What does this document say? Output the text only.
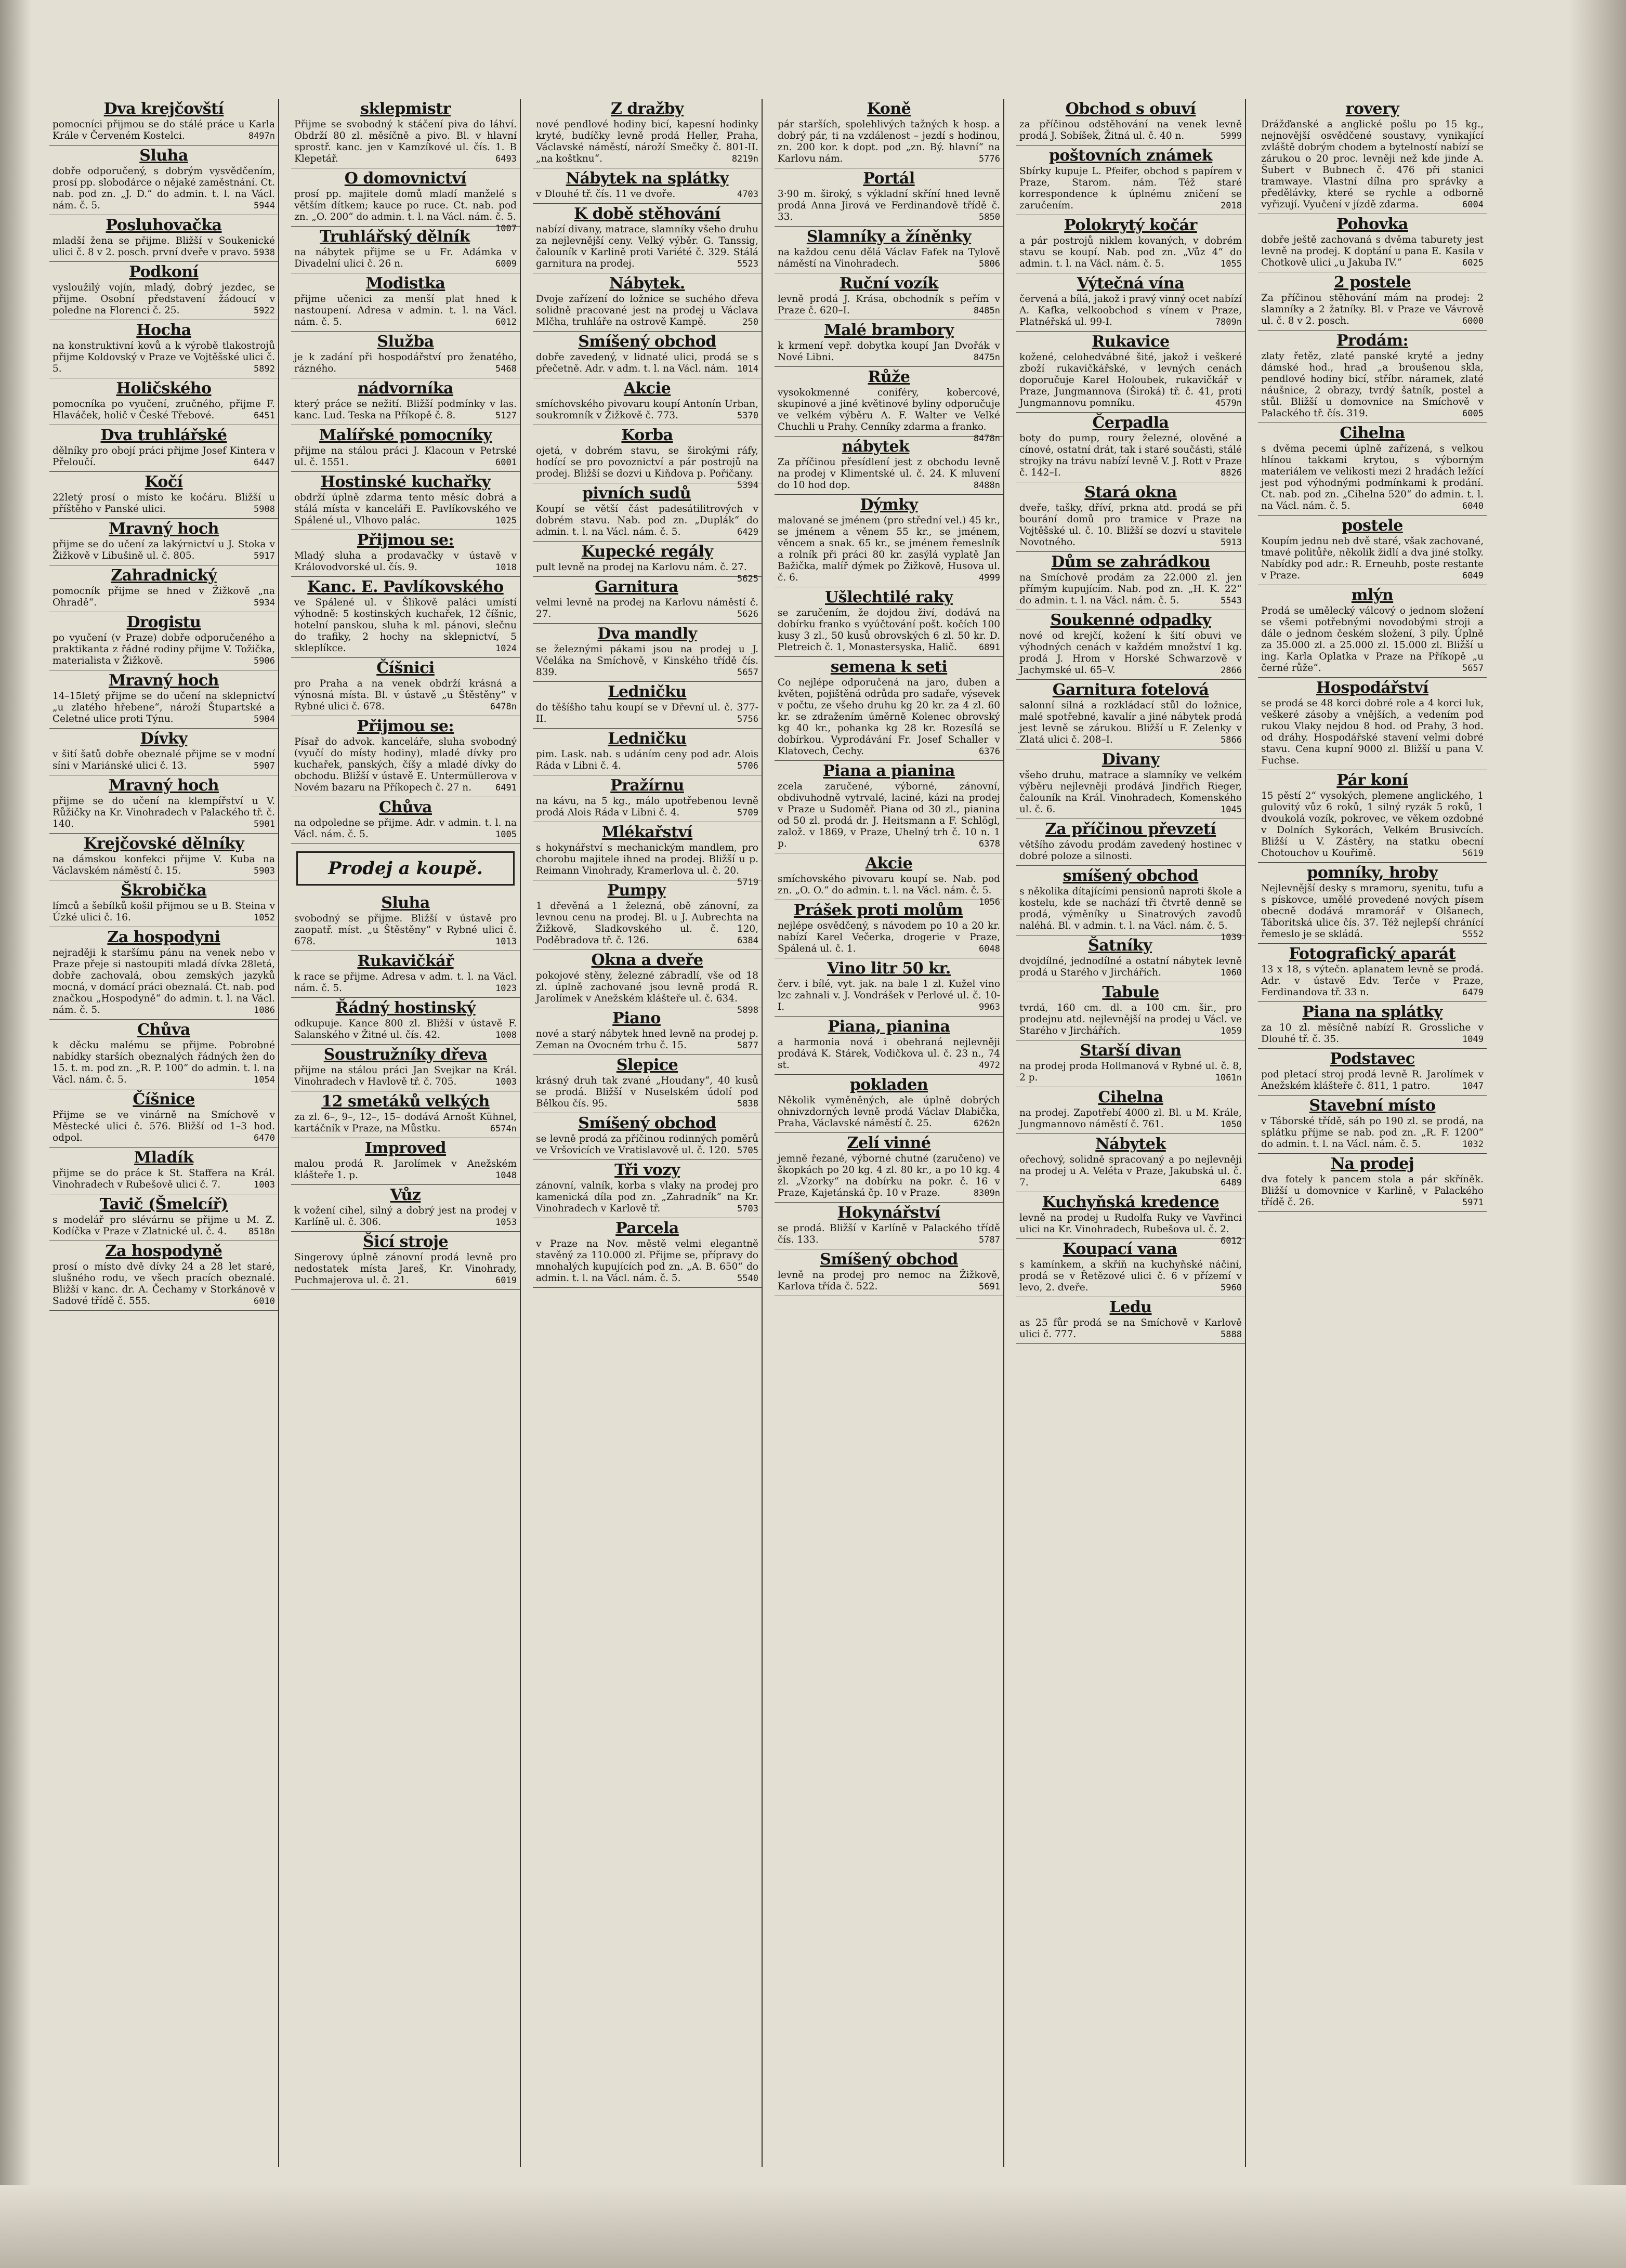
Dva krejčovští

pomocníci přijmou se do stálé práce u Karla Krále v Červeném Kostelci.	8497n

Sluha

dobře odporučený, s dobrým vysvědčením, prosí pp. slobodárce o nějaké zaměstnání. Ct. nab. pod zn. „J. D.“ do admin. t. l. na Václ. nám. č. 5.	5944

Posluhovačka

mladší žena se přijme. Bližší v Soukenické ulici č. 8 v 2. posch. první dveře v pravo. 5938

Podkoní

vysloužilý vojín, mladý, dobrý jezdec, se přijme. Osobní představení žádoucí v poledne na Florenci č. 25.	5922

Hocha

na konstruktivní kovů a k výrobě tlakostrojů přijme Koldovský v Praze ve Vojtěšské ulici č. 5.	5892

Holičského

pomocníka po vyučení, zručného, přijme F. Hlaváček, holič v České Třebové.	6451

Dva truhlářské

dělníky pro obojí práci přijme Josef Kintera v Přeloučí.	6447

Kočí

22letý prosí o místo ke kočáru. Bližší u příštěho v Panské ulici.	5908

Mravný hoch

přijme se do učení za lakýrnictví u J. Stoka v Žižkově v Libušině ul. č. 805.	5917

Zahradnický

pomocník přijme se hned v Žižkově „na Ohradě“.	5934

Drogistu

po vyučení (v Praze) dobře odporučeného a praktikanta z řádné rodiny přijme V. Tožička, materialista v Žižkově.	5906

Mravný hoch

14–15letý přijme se do učení na sklepnictví „u zlatého hřebene“, nároží Štupartské a Celetné ulice proti Týnu.	5904

Dívky

v šití šatů dobře obeznalé přijme se v modní síni v Mariánské ulici č. 13.	5907

Mravný hoch

přijme se do učení na klempířství u V. Růžičky na Kr. Vinohradech v Palackého tř. č. 140.	5901

Krejčovské dělníky

na dámskou konfekci přijme V. Kuba na Václavském náměstí č. 15.	5903

Škrobička

límců a šebílků košil přijmou se u B. Steina v Úzké ulici č. 16.	1052

Za hospodyni

nejraději k staršímu pánu na venek nebo v Praze přeje si nastoupiti mladá dívka 28letá, dobře zachovalá, obou zemských jazyků mocná, v domácí práci obeznalá. Ct. nab. pod značkou „Hospodyně“ do admin. t. l. na Václ. nám. č. 5.	1086

Chůva

k děcku malému se přijme. Pobrobné nabídky starších obeznalých řádných žen do 15. t. m. pod zn. „R. P. 100“ do admin. t. l. na Václ. nám. č. 5.	1054

Číšnice

Přijme se ve vinárně na Smíchově v Městecké ulici č. 576. Bližší od 1–3 hod. odpol.	6470

Mladík

přijme se do práce k St. Staffera na Král. Vinohradech v Rubešově ulici č. 7.	1003

Tavič (Šmelcíř)

s modelář pro slévárnu se přijme u M. Z. Kodíčka v Praze v Zlatnické ul. č. 4. 8518n

Za hospodyně

prosí o místo dvě dívky 24 a 28 let staré, slušného rodu, ve všech pracích obeznalé. Bližší v kanc. dr. A. Čechamy v Storkánově v Sadové třídě č. 555.	6010

sklepmistr

Přijme se svobodný k stáčení piva do láhví. Obdrží 80 zl. měsíčně a pivo. Bl. v hlavní sprostř. kanc. jen v Kamzíkové ul. čís. 1. B Klepetář.	6493

O domovnictví

prosí pp. majitele domů mladí manželé s větším dítkem; kauce po ruce. Ct. nab. pod zn. „O. 200“ do admin. t. l. na Václ. nám. č. 5.
1007

Truhlářský dělník

na nábytek přijme se u Fr. Adámka v Divadelní ulici č. 26 n.	6009

Modistka

přijme učenici za menší plat hned k nastoupení. Adresa v admin. t. l. na Václ. nám. č. 5.	6012

Služba

je k zadání při hospodářství pro ženatého, rázného.	5468

nádvorníka

který práce se nežití. Bližší podmínky v las. kanc. Lud. Teska na Příkopě č. 8.	5127

Malířské pomocníky

přijme na stálou práci J. Klacoun v Petrské ul. č. 1551.	6001

Hostinské kuchařky

obdrží úplně zdarma tento měsíc dobrá a stálá místa v kanceláři E. Pavlíkovského ve Spálené ul., Vlhovo palác.	1025

Přijmou se:

Mladý sluha a prodavačky v ústavě v Královodvorské ul. čís. 9.	1018

Kanc. E. Pavlíkovského

ve Spálené ul. v Šlikově paláci umístí výhodně: 5 kostinských kuchařek, 12 číšnic, hotelní panskou, sluha k ml. pánovi, slečnu do trafiky, 2 hochy na sklepnictví, 5 skleplíkce.	1024

Číšnici

pro Praha a na venek obdrží krásná a výnosná místa. Bl. v ústavě „u Štěstěny“ v Rybné ulici č. 678.	6478n

Přijmou se:

Písař do advok. kanceláře, sluha svobodný (vyučí do místy hodiny), mladé dívky pro kuchařek, panských, číšy a mladé dívky do obchodu. Bližší v ústavě E. Untermüllerova v Novém bazaru na Příkopech č. 27 n.	6491

Chůva

na odpoledne se přijme. Adr. v admin. t. l. na Václ. nám. č. 5.	1005

Prodej a koupě.
Sluha

svobodný se přijme. Bližší v ústavě pro zaopatř. míst. „u Štěstěny“ v Rybné ulici č. 678.	1013

Rukavičkář

k race se přijme. Adresa v adm. t. l. na Václ. nám. č. 5.	1023

Řádný hostinský

odkupuje. Kance 800 zl. Bližší v ústavě F. Salanského v Žitné ul. čís. 42.	1008

Soustružníky dřeva

přijme na stálou práci Jan Svejkar na Král. Vinohradech v Havlově tř. č. 705.	1003

12 smetáků velkých

za zl. 6–, 9–, 12–, 15– dodává Arnošt Kühnel, kartáčník v Praze, na Můstku.	6574n

Improved

malou prodá R. Jarolímek v Anežském klášteře 1. p.	1048

Vůz

k vožení cihel, silný a dobrý jest na prodej v Karlíně ul. č. 306.	1053

Šicí stroje

Singerovy úplně zánovní prodá levně pro nedostatek místa Jareš, Kr. Vinohrady, Puchmajerova ul. č. 21.	6019

Z dražby

nové pendlové hodiny bicí, kapesní hodinky kryté, budíčky levně prodá Heller, Praha, Václavské náměstí, nároží Smečky č. 801-II. „na koštknu“.	8219n

Nábytek na splátky

v Dlouhé tř. čís. 11 ve dvoře.	4703

K době stěhování

nabízí divany, matrace, slamníky všeho druhu za nejlevnější ceny. Velký výběr. G. Tanssig, čalouník v Karlině proti Variété č. 329. Stálá garnitura na prodej.	5523

Nábytek.

Dvoje zařízení do ložnice se suchého dřeva solidně pracované jest na prodej u Václava Mlčha, truhláře na ostrově Kampě.	250

Smíšený obchod

dobře zavedený, v lidnaté ulici, prodá se s přečetně. Adr. v adm. t. l. na Václ. nám. 1014

Akcie

smíchovského pivovaru koupí Antonín Urban, soukromník v Žižkově č. 773.	5370

Korba

ojetá, v dobrém stavu, se širokými ráfy, hodící se pro povoznictví a pár postrojů na prodej. Bližší se dozvi u Kiňdova p. Pořičany.
5394

pivních sudů

Koupí se větší část padesátilitrových v dobrém stavu. Nab. pod zn. „Duplák“ do admin. t. l. na Václ. nám. č. 5.	6429

Kupecké regály

pult levně na prodej na Karlovu nám. č. 27.
5625

Garnitura

velmi levně na prodej na Karlovu náměstí č. 27.	5626

Dva mandly

se železnými pákami jsou na prodej u J. Včeláka na Smíchově, v Kinského třídě čís. 839.	5657

Ledničku

do těšíšho tahu koupí se v Dřevní ul. č. 377-II.	5756

Ledničku

pim. Lask. nab. s udáním ceny pod adr. Alois Ráda v Libni č. 4.	5706

Pražírnu

na kávu, na 5 kg., málo upotřebenou levně prodá Alois Ráda v Libni č. 4.	5709

Mlékařství

s hokynářství s mechanickým mandlem, pro chorobu majitele ihned na prodej. Bližší u p. Reimann Vinohrady, Kramerlova ul. č. 20.
5719

Pumpy

1 dřevěná a 1 železná, obě zánovní, za levnou cenu na prodej. Bl. u J. Aubrechta na Žižkově, Sladkovského ul. č. 120, Poděbradova tř. č. 126.	6384

Okna a dveře

pokojové stěny, železné zábradlí, vše od 18 zl. úplně zachované jsou levně prodá R. Jarolímek v Anežském klášteře ul. č. 634.
5898

Piano

nové a starý nábytek hned levně na prodej p. Zeman na Ovocném trhu č. 15.	5877

Slepice

krásný druh tak zvané „Houdany“, 40 kusů se prodá. Bližší v Nuselském údolí pod Bělkou čís. 95.	5838

Smíšený obchod

se levně prodá za příčinou rodinných poměrů ve Vršovicích ve Vratislavově ul. č. 120. 5705

Tři vozy

zánovní, valník, korba s vlaky na prodej pro kamenická díla pod zn. „Zahradník“ na Kr. Vinohradech v Karlově tř.	5703

Parcela

v Praze na Nov. městě velmi elegantně stavěný za 110.000 zl. Přijme se, přípravy do mnohalých kupujících pod zn. „A. B. 650“ do admin. t. l. na Václ. nám. č. 5.	5540

Koně

pár starších, spolehlivých tažných k hosp. a dobrý pár, ti na vzdálenost – jezdí s hodinou, zn. 200 kor. k dopt. pod „zn. Bý. hlavní“ na Karlovu nám.	5776

Portál

3·90 m. široký, s výkladní skříní hned levně prodá Anna Jirová ve Ferdinandově třídě č. 33.	5850

Slamníky a žíněnky

na každou cenu dělá Václav Fafek na Tylově náměstí na Vinohradech.	5806

Ruční vozík

levně prodá J. Krása, obchodník s peřím v Praze č. 620–I.	8485n

Malé brambory

k krmení vepř. dobytka koupí Jan Dvořák v Nové Libni.	8475n

Růže

vysokokmenné coniféry, kobercové, skupinové a jiné květinové byliny odporučuje ve velkém výběru A. F. Walter ve Velké Chuchli u Prahy. Cenníky zdarma a franko.
8478n

nábytek

Za příčinou přesídlení jest z obchodu levně na prodej v Klimentské ul. č. 24. K mluvení do 10 hod dop.	8488n

Dýmky

malované se jménem (pro střední vel.) 45 kr., se jménem a věnem 55 kr., se jménem, věncem a snak. 65 kr., se jménem řemeslník a rolník při práci 80 kr. zasýlá vyplatě Jan Bažička, malíř dýmek po Žižkově, Husova ul. č. 6.	4999

Ušlechtilé raky

se zaručením, že dojdou živí, dodává na dobírku franko s vyúčtování pošt. kočích 100 kusy 3 zl., 50 kusů obrovských 6 zl. 50 kr. D. Pletreich č. 1, Monastersyska, Halič. 6891

semena k seti

Co nejlépe odporučená na jaro, duben a květen, pojištěná odrůda pro sadaře, výsevek v počtu, ze všeho druhu kg 20 kr. za 4 zl. 60 kr. se zdražením úměrně Kolenec obrovský kg 40 kr., pohanka kg 28 kr. Rozesílá se dobírkou. Vyprodávání Fr. Josef Schaller v Klatovech, Čechy.	6376

Piana a pianina

zcela zaručené, výborné, zánovní, obdivuhodně vytrvalé, laciné, kázi na prodej v Praze u Sudoměř. Piana od 30 zl., pianina od 50 zl. prodá dr. J. Heitsmann a F. Schlögl, založ. v 1869, v Praze, Uhelný trh č. 10 n. 1 p.	6378

Akcie

smíchovského pivovaru koupí se. Nab. pod zn. „O. O.“ do admin. t. l. na Václ. nám. č. 5.
1056

Prášek proti molům

nejlépe osvědčený, s návodem po 10 a 20 kr. nabízí Karel Večerka, drogerie v Praze, Spálená ul. č. 1.	6048

Vino litr 50 kr.

červ. i bílé, vyt. jak. na bale 1 zl. Kužel vino lzc zahnali v. J. Vondrášek v Perlové ul. č. 10-I.	9963

Piana, pianina

a harmonia nová i obehraná nejlevněji prodává K. Stárek, Vodičkova ul. č. 23 n., 74 st.	4972

pokladen

Několik vyměněných, ale úplně dobrých ohnivzdorných levně prodá Václav Dlabička, Praha, Václavské náměstí č. 25.	6262n

Zelí vinné

jemně řezané, výborné chutné (zaručeno) ve škopkách po 20 kg. 4 zl. 80 kr., a po 10 kg. 4 zl. „Vzorky“ na dobírku na pokr. č. 16 v Praze, Kajetánská čp. 10 v Praze.	8309n

Hokynářství

se prodá. Bližší v Karlíně v Palackého třídě čís. 133.	5787

Smíšený obchod

levně na prodej pro nemoc na Žižkově, Karlova třída č. 522.	5691

Obchod s obuví

za příčinou odstěhování na venek levně prodá J. Sobíšek, Žitná ul. č. 40 n.	5999

poštovních známek

Sbírky kupuje L. Pfeifer, obchod s papírem v Praze, Starom. nám. Též staré korrespondence k úplnému zničení se zaručením.	2018

Polokrytý kočár

a pár postrojů niklem kovaných, v dobrém stavu se koupí. Nab. pod zn. „Vůz 4“ do admin. t. l. na Václ. nám. č. 5.	1055

Výtečná vína

červená a bílá, jakož i pravý vinný ocet nabízí A. Kafka, velkoobchod s vínem v Praze, Platnéřská ul. 99-I.	7809n

Rukavice

kožené, celohedvábné šité, jakož i veškeré zboží rukavičkářské, v levných cenách doporučuje Karel Holoubek, rukavičkář v Praze, Jungmannova (Široká) tř. č. 41, proti Jungmannovu pomníku.	4579n

Čerpadla

boty do pump, roury železné, olověné a cínové, ostatní drát, tak i staré součásti, stálé strojky na trávu nabízí levně V. J. Rott v Praze č. 142–I.	8826

Stará okna

dveře, tašky, dříví, prkna atd. prodá se při bourání domů pro tramice v Praze na Vojtěšské ul. č. 10. Bližší se dozví u stavitele Novotného.	5913

Dům se zahrádkou

na Smíchově prodám za 22.000 zl. jen přímým kupujícím. Nab. pod zn. „H. K. 22“ do admin. t. l. na Václ. nám. č. 5.	5543

Soukenné odpadky

nové od krejčí, kožení k šití obuvi ve výhodných cenách v každém množství 1 kg. prodá J. Hrom v Horské Schwarzově v Jachymské ul. 65–V.	2866

Garnitura fotelová

salonní silná a rozkládací stůl do ložnice, malé spotřebné, kavalír a jiné nábytek prodá jest levně se zárukou. Bližší u F. Zelenky v Zlatá ulici č. 208–I.	5866

Divany

všeho druhu, matrace a slamníky ve velkém výběru nejlevněji prodává Jindřich Rieger, čalouník na Král. Vinohradech, Komenského ul. č. 6.	1045

Za příčinou převzetí

většího závodu prodám zavedený hostinec v dobré poloze a silnosti.

smíšený obchod

s několika dítajícími pensionů naproti škole a kostelu, kde se nachází tři čtvrtě denně se prodá, výměníky u Sinatrových zavodů naléhá. Bl. v admin. t. l. na Václ. nám. č. 5.
1039

Šatníky

dvojdílné, jednodílné a ostatní nábytek levně prodá u Starého v Jirchářích.	1060

Tabule

tvrdá, 160 cm. dl. a 100 cm. šir., pro prodejnu atd. nejlevnější na prodej u Václ. ve Starého v Jirchářích.	1059

Starší divan

na prodej proda Hollmanová v Rybné ul. č. 8, 2 p.	1061n

Cihelna

na prodej. Zapotřebí 4000 zl. Bl. u M. Krále, Jungmannovo náměstí č. 761.	1050

Nábytek

ořechový, solidně spracovaný a po nejlevněji na prodej u A. Veléta v Praze, Jakubská ul. č. 7.	6489

Kuchyňská kredence

levně na prodej u Rudolfa Ruky ve Vavřinci ulici na Kr. Vinohradech, Rubešova ul. č. 2.
6012

Koupací vana

s kamínkem, a skříň na kuchyňské náčiní, prodá se v Řetězové ulici č. 6 v přízemí v levo, 2. dveře.	5960

Ledu

as 25 fůr prodá se na Smíchově v Karlově ulici č. 777.	5888

rovery

Drážďanské a anglické pošlu po 15 kg., nejnovější osvědčené soustavy, vynikající zvláště dobrým chodem a bytelností nabízí se zárukou o 20 proc. levněji než kde jinde A. Šubert v Bubnech č. 476 při stanici tramwaye. Vlastní dílna pro správky a předělávky, které se rychle a odborně vyřizují. Vyučení v jízdě zdarma.	6004

Pohovka

dobře ještě zachovaná s dvěma taburety jest levně na prodej. K doptání u pana E. Kasila v Chotkově ulici „u Jakuba IV.“	6025

2 postele

Za příčinou stěhování mám na prodej: 2 slamníky a 2 žatníky. Bl. v Praze ve Vávrově ul. č. 8 v 2. posch.	6000

Prodám:

zlaty řetěz, zlaté panské kryté a jedny dámské hod., hrad „a broušenou skla, pendlové hodiny bicí, stříbr. náramek, zlaté náušnice, 2 obrazy, tvrdý šatník, postel a stůl. Bližší u domovnice na Smíchově v Palackého tř. čís. 319.	6005

Cihelna

s dvěma pecemi úplně zařízená, s velkou hlínou takkami krytou, s výborným materiálem ve velikosti mezi 2 hradách ležící jest pod výhodnými podmínkami k prodání. Ct. nab. pod zn. „Cihelna 520“ do admin. t. l. na Václ. nám. č. 5.	6040

postele

Koupím jednu neb dvě staré, však zachované, tmavé politůře, několik židlí a dva jiné stolky. Nabídky pod adr.: R. Erneuhb, poste restante v Praze.	6049

mlýn

Prodá se umělecký válcový o jednom složení se všemi potřebnými novodobými stroji a dále o jednom českém složení, 3 pily. Úplně za 35.000 zl. a 25.000 zl. 15.000 zl. Bližší u ing. Karla Oplatka v Praze na Příkopě „u černé růže“.	5657

Hospodářství

se prodá se 48 korci dobré role a 4 korci luk, veškeré zásoby a vnějších, a vedením pod rukou Vlaky nejdou 8 hod. od Prahy, 3 hod. od dráhy. Hospodářské stavení velmi dobré stavu. Cena kupní 9000 zl. Bližší u pana V. Fuchse.

Pár koní

15 pěstí 2“ vysokých, plemene anglického, 1 gulovitý vůz 6 roků, 1 silný ryzák 5 roků, 1 dvoukolá vozík, pokrovec, ve věkem ozdobné v Dolních Sykorách, Velkém Brusivcích. Bližší u V. Zástěry, na statku obecní Chotouchov u Kouřimě.	5619

pomníky, hroby

Nejlevnější desky s mramoru, syenitu, tufu a s pískovce, umělé provedené nových písem obecně dodává mramorář v Olšanech, Táboritská ulice čís. 37. Též nejlepší chránící řemeslo je se skládá.	5552

Fotografický aparát

13 x 18, s výtečn. aplanatem levně se prodá. Adr. v ústavě Edv. Terče v Praze, Ferdinandova tř. 33 n.	6479

Piana na splátky

za 10 zl. měsíčně nabízí R. Grossliche v Dlouhé tř. č. 35.	1049

Podstavec

pod pletací stroj prodá levně R. Jarolímek v Anežském klášteře č. 811, 1 patro.	1047

Stavební místo

v Táborské třídě, sáh po 190 zl. se prodá, na splátku příjme se nab. pod zn. „R. F. 1200“ do admin. t. l. na Václ. nám. č. 5.	1032

Na prodej

dva fotely k pancem stola a pár skříněk. Bližší u domovnice v Karlině, v Palackého třídě č. 26.	5971
